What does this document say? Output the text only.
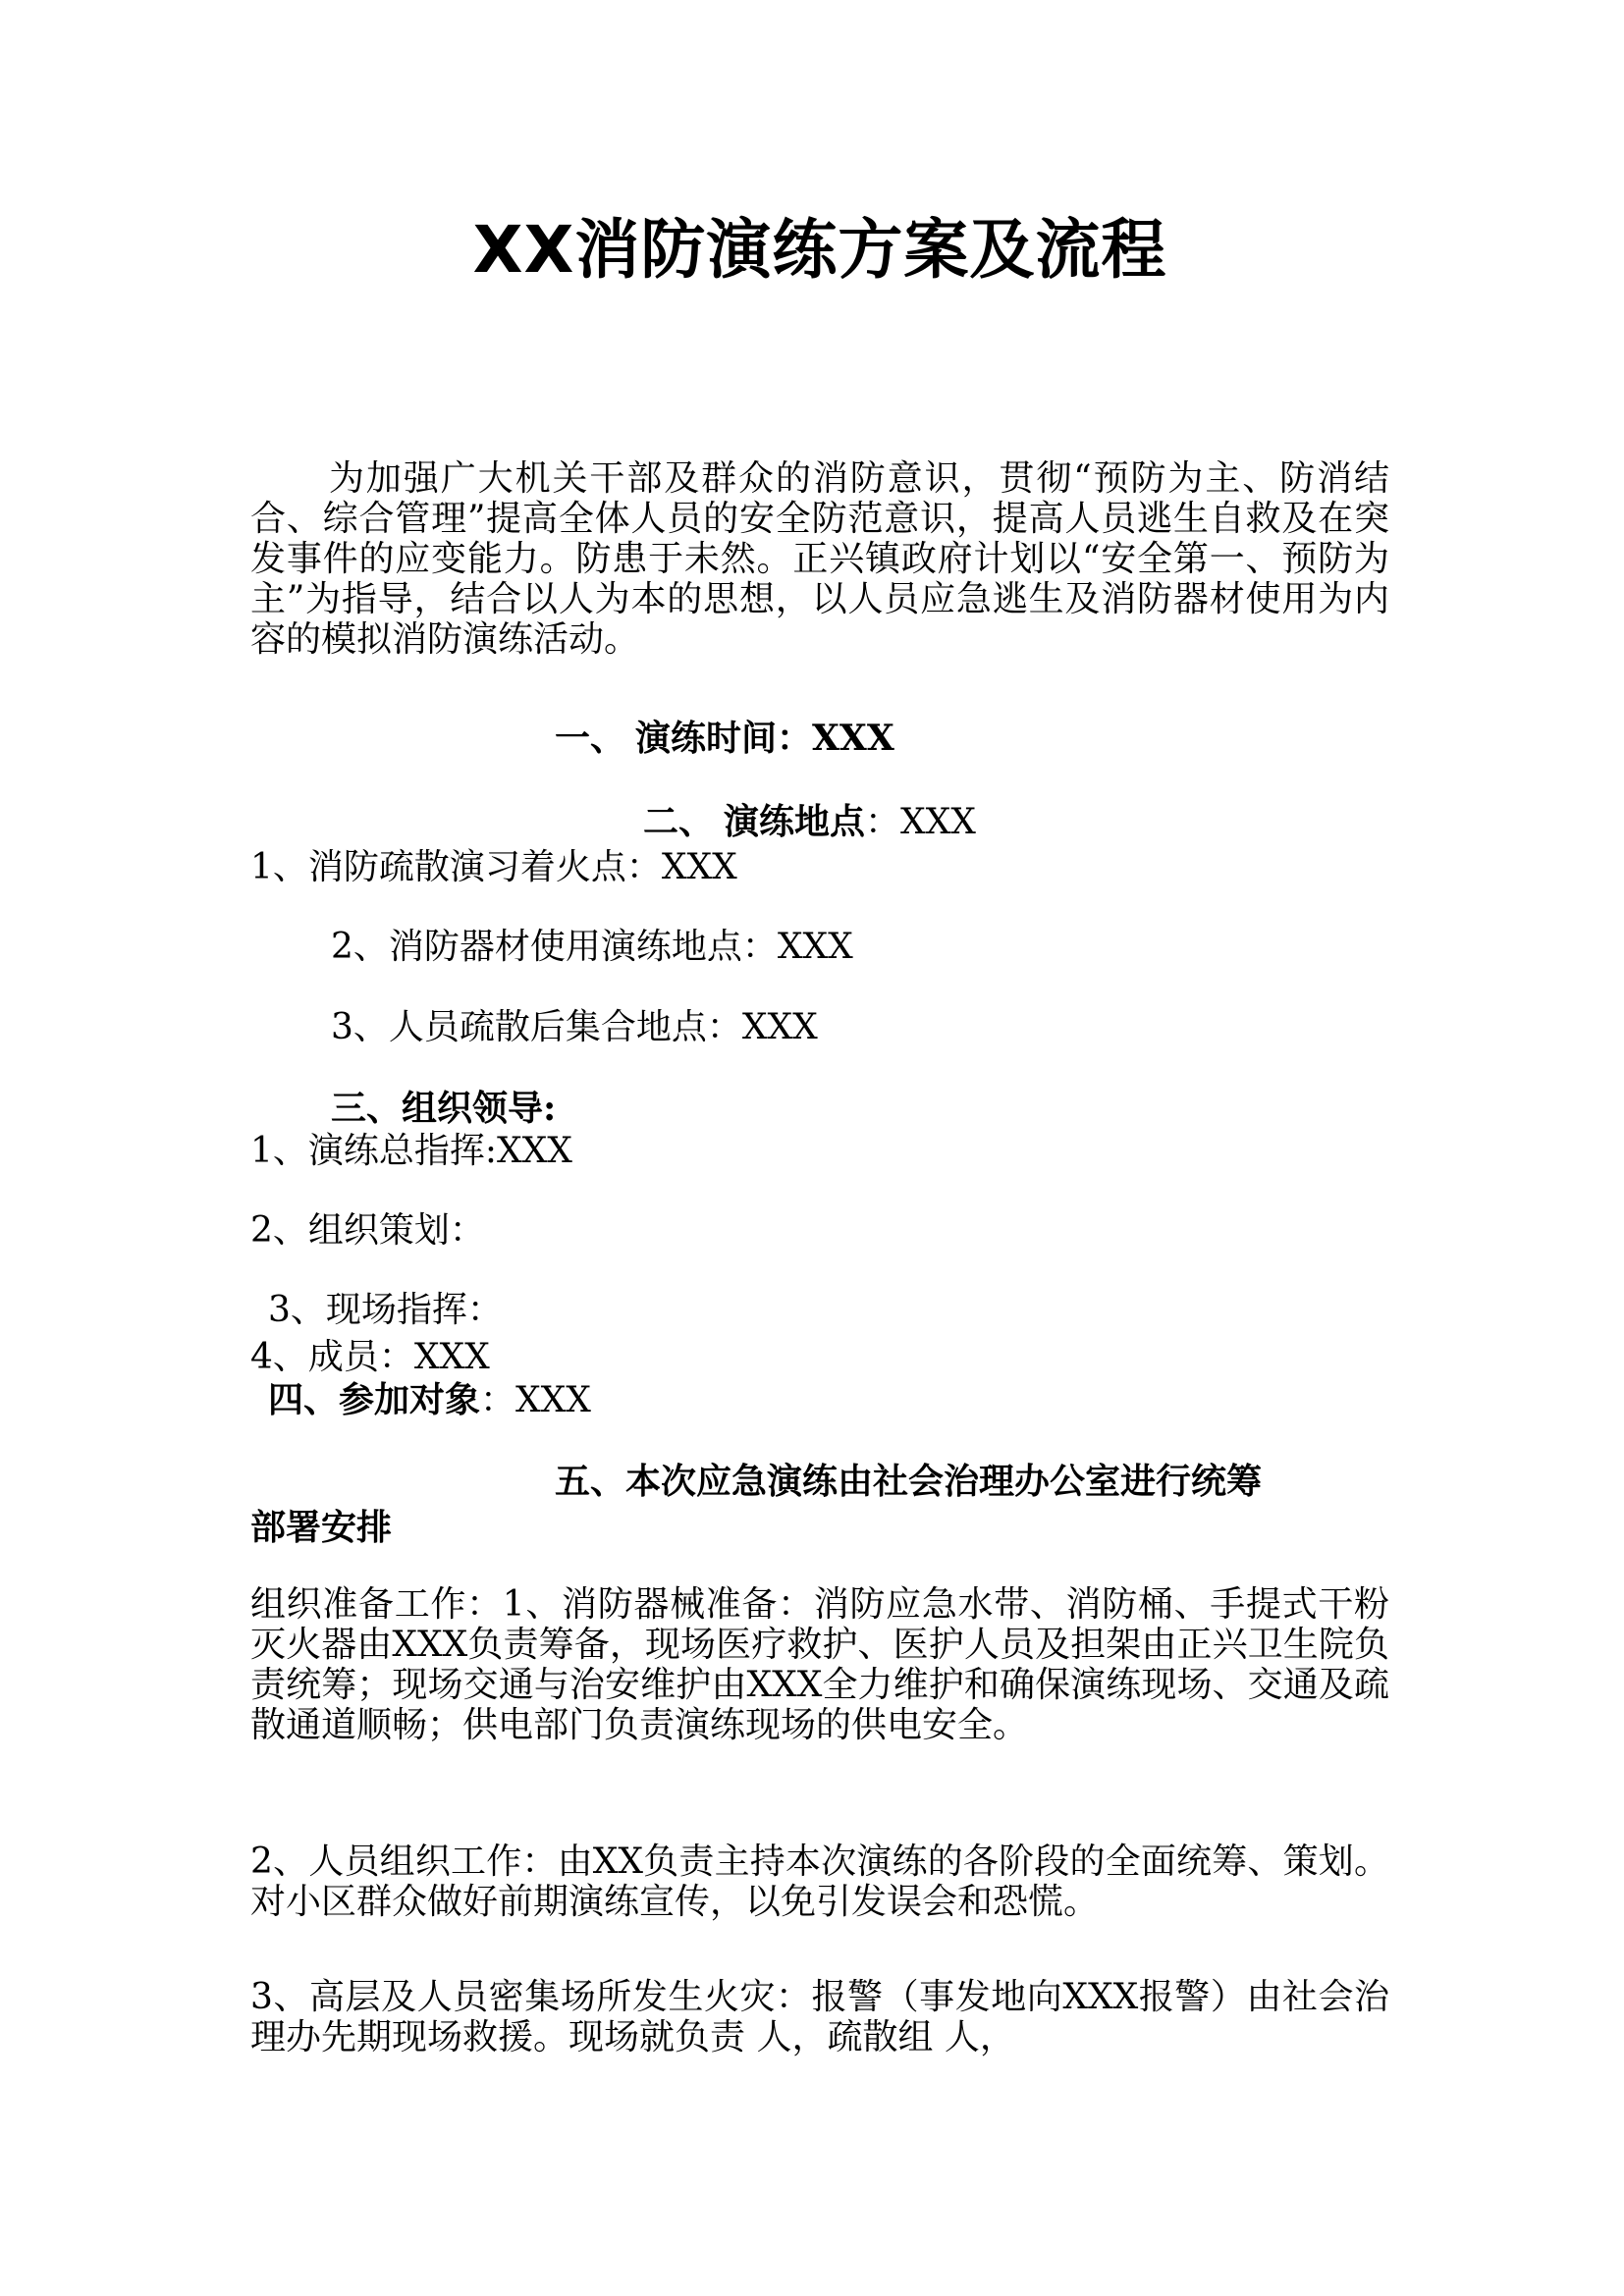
XX消防演练方案及流程

为加强广大机关干部及群众的消防意识，贯彻“预防为主、防消结合、综合管理”提高全体人员的安全防范意识，提高人员逃生自救及在突发事件的应变能力。防患于未然。正兴镇政府计划以“安全第一、预防为主”为指导，结合以人为本的思想，以人员应急逃生及消防器材使用为内容的模拟消防演练活动。

一、 演练时间：XXX
二、 演练地点：XXX
1、消防疏散演习着火点：XXX
2、消防器材使用演练地点：XXX
3、人员疏散后集合地点：XXX
三、组织领导:
1、演练总指挥:XXX
2、组织策划：
3、现场指挥：
4、成员：XXX
四、参加对象：XXX
五、本次应急演练由社会治理办公室进行统筹
部署安排

组织准备工作：1、消防器械准备：消防应急水带、消防桶、手提式干粉灭火器由XXX负责筹备，现场医疗救护、医护人员及担架由正兴卫生院负责统筹；现场交通与治安维护由XXX全力维护和确保演练现场、交通及疏散通道顺畅；供电部门负责演练现场的供电安全。

2、人员组织工作：由XX负责主持本次演练的各阶段的全面统筹、策划。对小区群众做好前期演练宣传，以免引发误会和恐慌。

3、高层及人员密集场所发生火灾：报警（事发地向XXX报警）由社会治理办先期现场救援。现场就负责 人，疏散组 人，
